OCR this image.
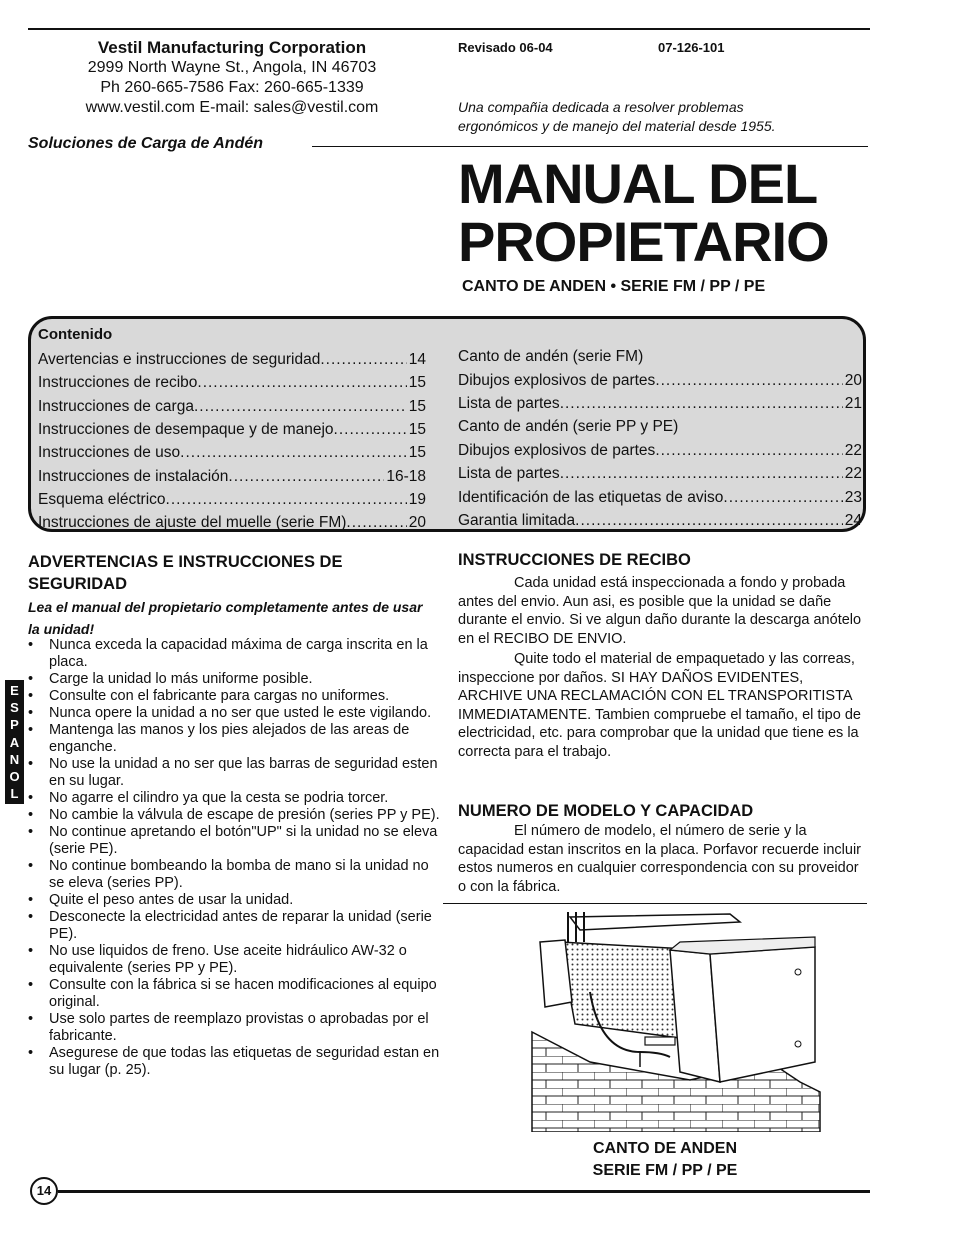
Vestil Manufacturing Corporation
2999 North Wayne St., Angola, IN 46703
Ph 260-665-7586 Fax: 260-665-1339
www.vestil.com E-mail: sales@vestil.com
Revisado 06-04	07-126-101
Una compañia dedicada a resolver problemas
ergonómicos y de manejo del material desde 1955.
Soluciones de Carga de Andén
MANUAL DEL
PROPIETARIO
CANTO DE ANDEN • SERIE FM / PP / PE
Contenido
Avertencias e instrucciones de seguridad .....	14
Instrucciones de recibo .....	15
Instrucciones de carga .....	15
Instrucciones de desempaque y de manejo .....	15
Instrucciones de uso .....	15
Instrucciones de instalación .....	16-18
Esquema eléctrico .....	19
Instrucciones de ajuste del muelle (serie FM) .....	20
Canto de andén (serie FM)
Dibujos explosivos de partes .....	20
Lista de partes .....	21
Canto de andén (serie PP y PE)
Dibujos explosivos de partes .....	22
Lista de partes .....	22
Identificación de las etiquetas de aviso .....	23
Garantia limitada .....	24
ADVERTENCIAS E INSTRUCCIONES DE SEGURIDAD
Lea el manual del propietario completamente antes de usar la unidad!
• Nunca exceda la capacidad máxima de carga inscrita en la placa.
• Carge la unidad lo más uniforme posible.
• Consulte con el fabricante para cargas no uniformes.
• Nunca opere la unidad a no ser que usted le este vigilando.
• Mantenga las manos y los pies alejados de las areas de enganche.
• No use la unidad a no ser que las barras de seguridad esten en su lugar.
• No agarre el cilindro ya que la cesta se podria torcer.
• No cambie la válvula de escape de presión (series PP y PE).
• No continue apretando el botón"UP" si la unidad no se eleva (serie PE).
• No continue bombeando la bomba de mano si la unidad no se eleva (series PP).
• Quite el peso antes de usar la unidad.
• Desconecte la electricidad antes de reparar la unidad (serie PE).
• No use liquidos de freno. Use aceite hidráulico AW-32 o equivalente (series PP y PE).
• Consulte con la fábrica si se hacen modificaciones al equipo original.
• Use solo partes de reemplazo provistas o aprobadas por el fabricante.
• Asegurese de que todas las etiquetas de seguridad estan en su lugar (p. 25).
E
S
P
A
N
O
L
INSTRUCCIONES DE RECIBO
Cada unidad está inspeccionada a fondo y probada antes del envio. Aun asi, es posible que la unidad se dañe durante el envio. Si ve algun daño durante la descarga anótelo en el RECIBO DE ENVIO.
Quite todo el material de empaquetado y las correas, inspeccione por daños. SI HAY DAÑOS EVIDENTES, ARCHIVE UNA RECLAMACIÓN CON EL TRANSPORITISTA IMMEDIATAMENTE. Tambien compruebe el tamaño, el tipo de electricidad, etc. para comprobar que la unidad que tiene es la correcta para el trabajo.
NUMERO DE MODELO Y CAPACIDAD
El número de modelo, el número de serie y la capacidad estan inscritos en la placa. Porfavor recuerde incluir estos numeros en cualquier correspondencia con su proveidor o con la fábrica.
CANTO DE ANDEN
SERIE FM / PP / PE
14
